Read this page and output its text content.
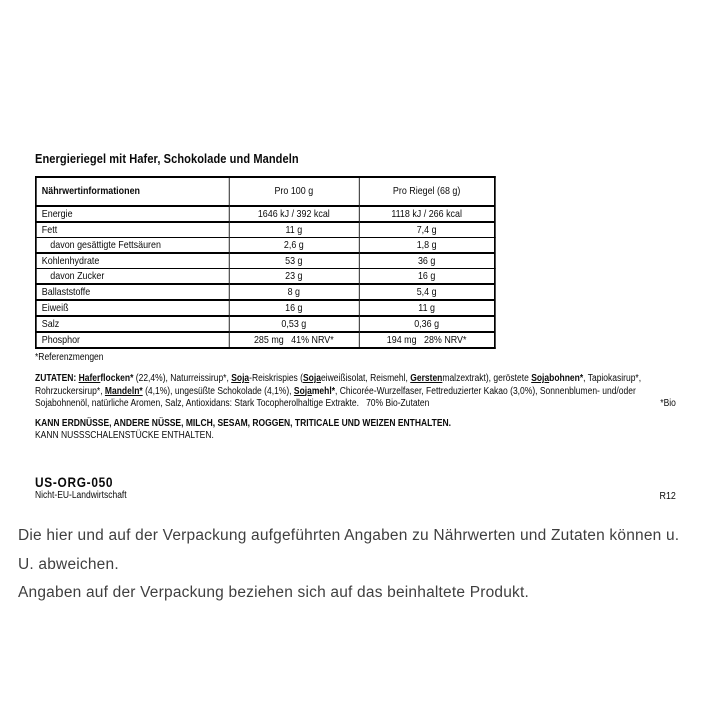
Energieriegel mit Hafer, Schokolade und Mandeln
Nährwertinformationen	Pro 100 g	Pro Riegel (68 g)
Energie	1646 kJ / 392 kcal	1118 kJ / 266 kcal
Fett	11 g	7,4 g
davon gesättigte Fettsäuren	2,6 g	1,8 g
Kohlenhydrate	53 g	36 g
davon Zucker	23 g	16 g
Ballaststoffe	8 g	5,4 g
Eiweiß	16 g	11 g
Salz	0,53 g	0,36 g
Phosphor	285 mg   41% NRV*	194 mg   28% NRV*
*Referenzmengen
ZUTATEN: Haferflocken* (22,4%), Naturreissirup*, Soja-Reiskrispies (Sojaeiweißisolat, Reismehl, Gerstenmalzextrakt), geröstete Sojabohnen*, Tapiokasirup*, Rohrzuckersirup*, Mandeln* (4,1%), ungesüßte Schokolade (4,1%), Sojamehl*, Chicorée-Wurzelfaser, Fettreduzierter Kakao (3,0%), Sonnenblumen- und/oder Sojabohnenöl, natürliche Aromen, Salz, Antioxidans: Stark Tocopherolhaltige Extrakte.   70% Bio-Zutaten	*Bio
KANN ERDNÜSSE, ANDERE NÜSSE, MILCH, SESAM, ROGGEN, TRITICALE UND WEIZEN ENTHALTEN.
KANN NUSSSCHALENSTÜCKE ENTHALTEN.
US-ORG-050
Nicht-EU-Landwirtschaft	R12
Die hier und auf der Verpackung aufgeführten Angaben zu Nährwerten und Zutaten können u. U. abweichen.
Angaben auf der Verpackung beziehen sich auf das beinhaltete Produkt.
